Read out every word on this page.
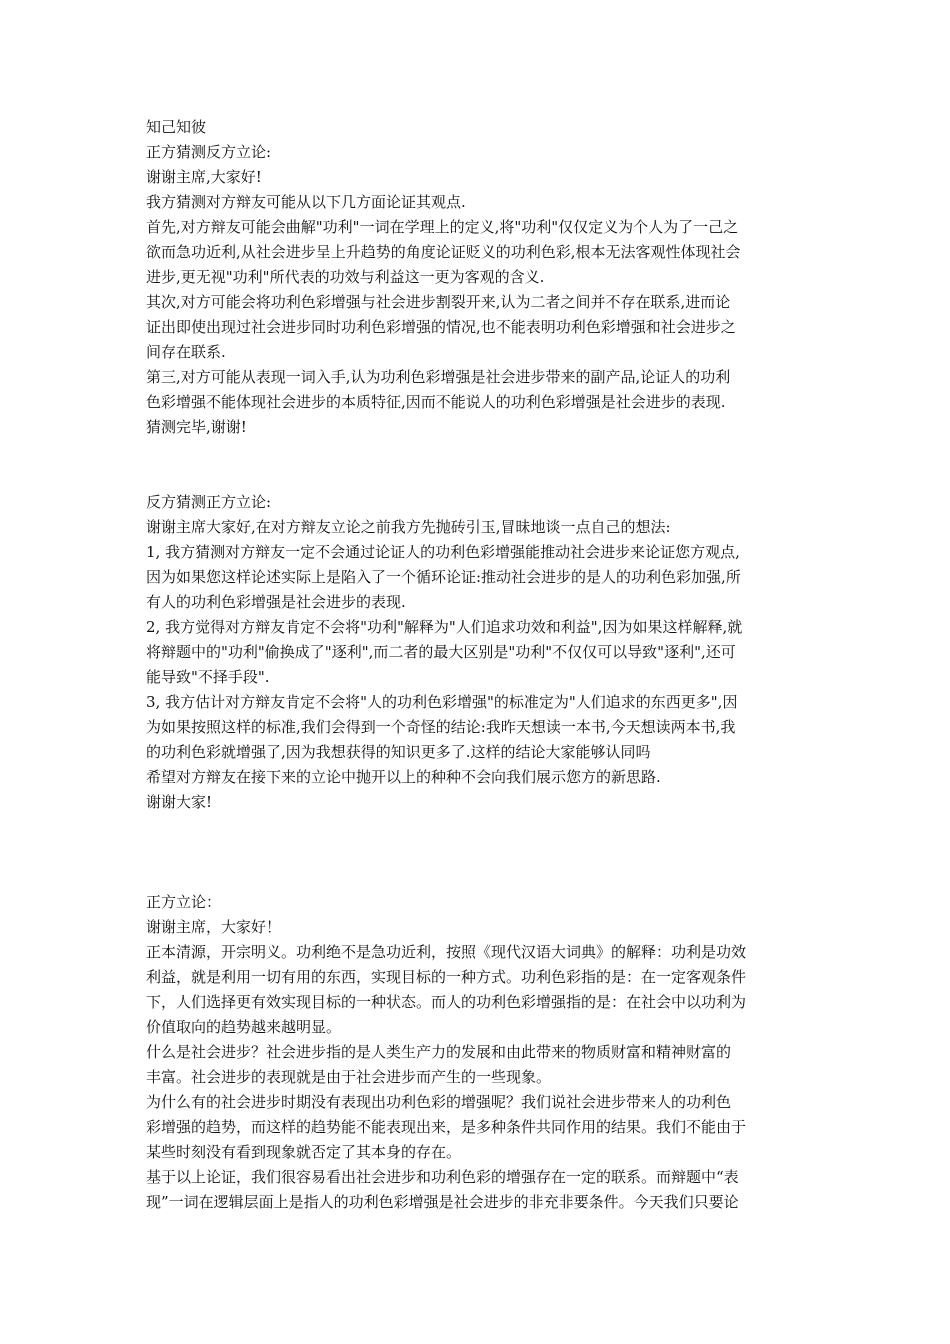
知己知彼
正方猜测反方立论:
谢谢主席,大家好!
我方猜测对方辩友可能从以下几方面论证其观点.
首先,对方辩友可能会曲解"功利"一词在学理上的定义,将"功利"仅仅定义为个人为了一己之
欲而急功近利,从社会进步呈上升趋势的角度论证贬义的功利色彩,根本无法客观性体现社会
进步,更无视"功利"所代表的功效与利益这一更为客观的含义.
其次,对方可能会将功利色彩增强与社会进步割裂开来,认为二者之间并不存在联系,进而论
证出即使出现过社会进步同时功利色彩增强的情况,也不能表明功利色彩增强和社会进步之
间存在联系.
第三,对方可能从表现一词入手,认为功利色彩增强是社会进步带来的副产品,论证人的功利
色彩增强不能体现社会进步的本质特征,因而不能说人的功利色彩增强是社会进步的表现.
猜测完毕,谢谢!
反方猜测正方立论:
谢谢主席大家好,在对方辩友立论之前我方先抛砖引玉,冒昧地谈一点自己的想法:
1, 我方猜测对方辩友一定不会通过论证人的功利色彩增强能推动社会进步来论证您方观点,
因为如果您这样论述实际上是陷入了一个循环论证:推动社会进步的是人的功利色彩加强,所
有人的功利色彩增强是社会进步的表现.
2, 我方觉得对方辩友肯定不会将"功利"解释为"人们追求功效和利益",因为如果这样解释,就
将辩题中的"功利"偷换成了"逐利",而二者的最大区别是"功利"不仅仅可以导致"逐利",还可
能导致"不择手段".
3, 我方估计对方辩友肯定不会将"人的功利色彩增强"的标准定为"人们追求的东西更多",因
为如果按照这样的标准,我们会得到一个奇怪的结论:我昨天想读一本书,今天想读两本书,我
的功利色彩就增强了,因为我想获得的知识更多了.这样的结论大家能够认同吗
希望对方辩友在接下来的立论中抛开以上的种种不会向我们展示您方的新思路.
谢谢大家!
正方立论：
谢谢主席，大家好！
正本清源，开宗明义。功利绝不是急功近利，按照《现代汉语大词典》的解释：功利是功效
利益，就是利用一切有用的东西，实现目标的一种方式。功利色彩指的是：在一定客观条件
下，人们选择更有效实现目标的一种状态。而人的功利色彩增强指的是：在社会中以功利为
价值取向的趋势越来越明显。
什么是社会进步？社会进步指的是人类生产力的发展和由此带来的物质财富和精神财富的
丰富。社会进步的表现就是由于社会进步而产生的一些现象。
为什么有的社会进步时期没有表现出功利色彩的增强呢？我们说社会进步带来人的功利色
彩增强的趋势，而这样的趋势能不能表现出来，是多种条件共同作用的结果。我们不能由于
某些时刻没有看到现象就否定了其本身的存在。
基于以上论证，我们很容易看出社会进步和功利色彩的增强存在一定的联系。而辩题中“表
现”一词在逻辑层面上是指人的功利色彩增强是社会进步的非充非要条件。今天我们只要论
